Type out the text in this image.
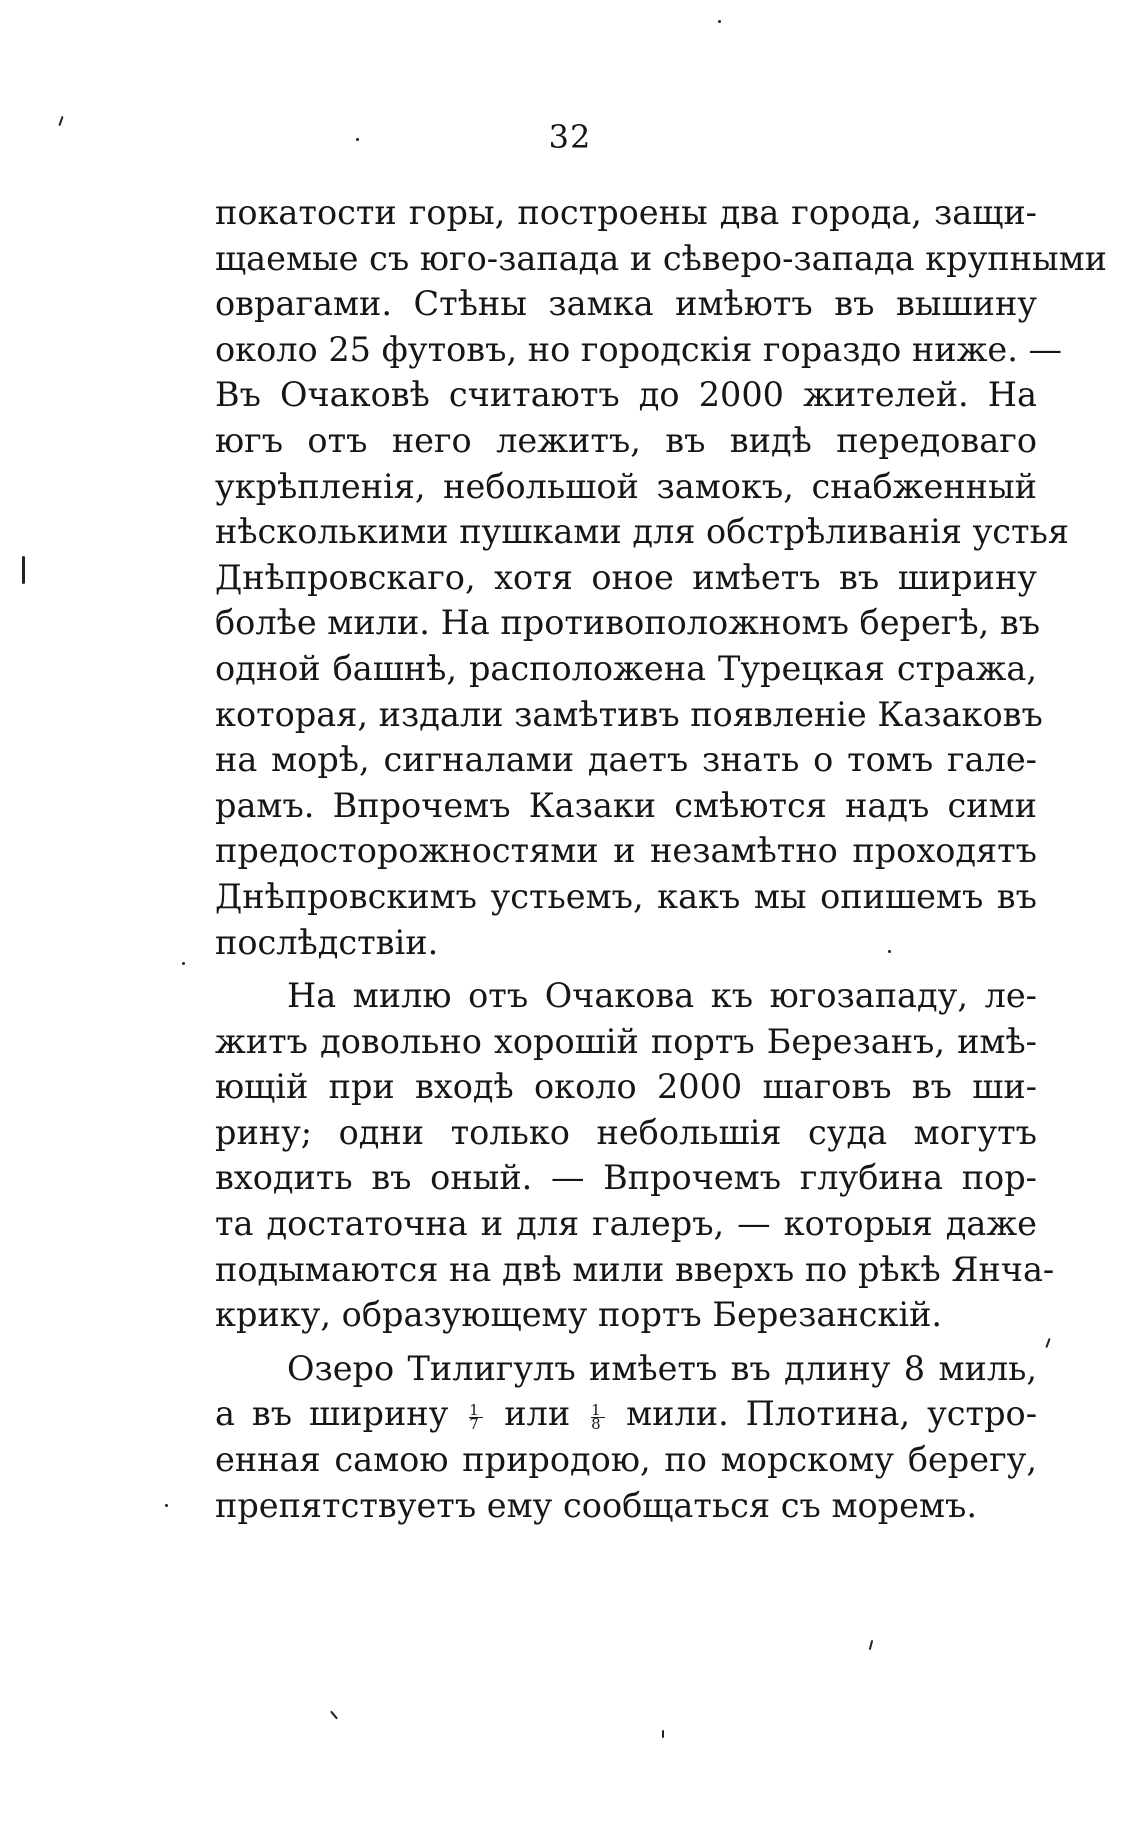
32
покатости горы, построены два города, защи-
щаемые съ юго-запада и сѣверо-запада крупными
оврагами. Стѣны замка имѣютъ въ вышину
около 25 футовъ, но городскія гораздо ниже. —
Въ Очаковѣ считаютъ до 2000 жителей. На
югъ отъ него лежитъ, въ видѣ передоваго
укрѣпленія, небольшой замокъ, снабженный
нѣсколькими пушками для обстрѣливанія устья
Днѣпровскаго, хотя оное имѣетъ въ ширину
болѣе мили. На противоположномъ берегѣ, въ
одной башнѣ, расположена Турецкая стража,
которая, издали замѣтивъ появленіе Казаковъ
на морѣ, сигналами даетъ знать о томъ гале-
рамъ. Впрочемъ Казаки смѣются надъ сими
предосторожностями и незамѣтно проходятъ
Днѣпровскимъ устьемъ, какъ мы опишемъ въ
послѣдствіи.
На милю отъ Очакова къ югозападу, ле-
житъ довольно хорошій портъ Березанъ, имѣ-
ющій при входѣ около 2000 шаговъ въ ши-
рину; одни только небольшія суда могутъ
входить въ оный. — Впрочемъ глубина пор-
та достаточна и для галеръ, — которыя даже
подымаются на двѣ мили вверхъ по рѣкѣ Янча-
крику, образующему портъ Березанскій.
Озеро Тилигулъ имѣетъ въ длину 8 миль,
а въ ширину $\frac{1}{7}$ или $\frac{1}{8}$ мили. Плотина, устро-
енная самою природою, по морскому берегу,
препятствуетъ ему сообщаться съ моремъ.
